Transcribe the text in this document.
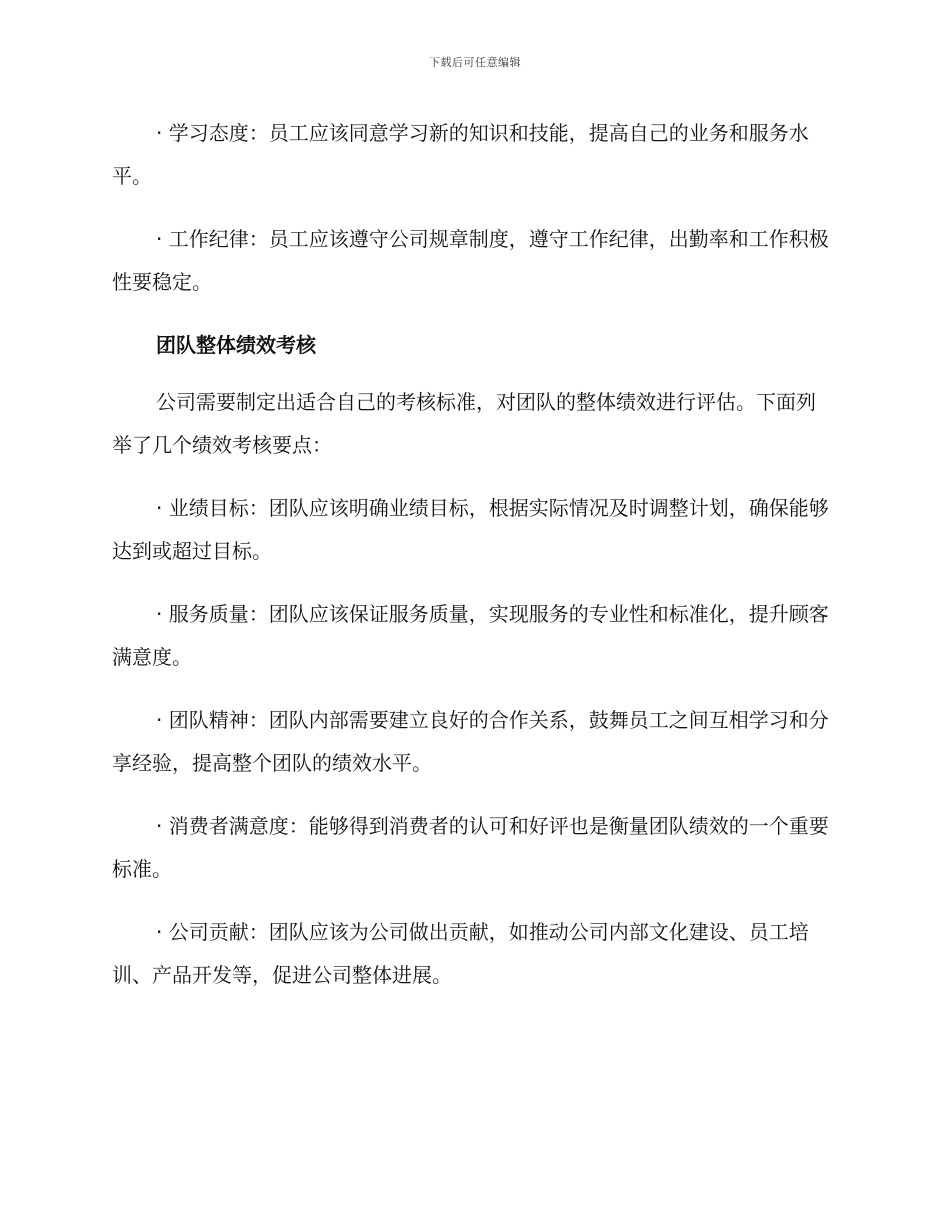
下载后可任意编辑

· 学习态度：员工应该同意学习新的知识和技能，提高自己的业务和服务水平。

· 工作纪律：员工应该遵守公司规章制度，遵守工作纪律，出勤率和工作积极性要稳定。

团队整体绩效考核

公司需要制定出适合自己的考核标准，对团队的整体绩效进行评估。下面列举了几个绩效考核要点：

· 业绩目标：团队应该明确业绩目标，根据实际情况及时调整计划，确保能够达到或超过目标。

· 服务质量：团队应该保证服务质量，实现服务的专业性和标准化，提升顾客满意度。

· 团队精神：团队内部需要建立良好的合作关系，鼓舞员工之间互相学习和分享经验，提高整个团队的绩效水平。

· 消费者满意度：能够得到消费者的认可和好评也是衡量团队绩效的一个重要标准。

· 公司贡献：团队应该为公司做出贡献，如推动公司内部文化建设、员工培训、产品开发等，促进公司整体进展。
